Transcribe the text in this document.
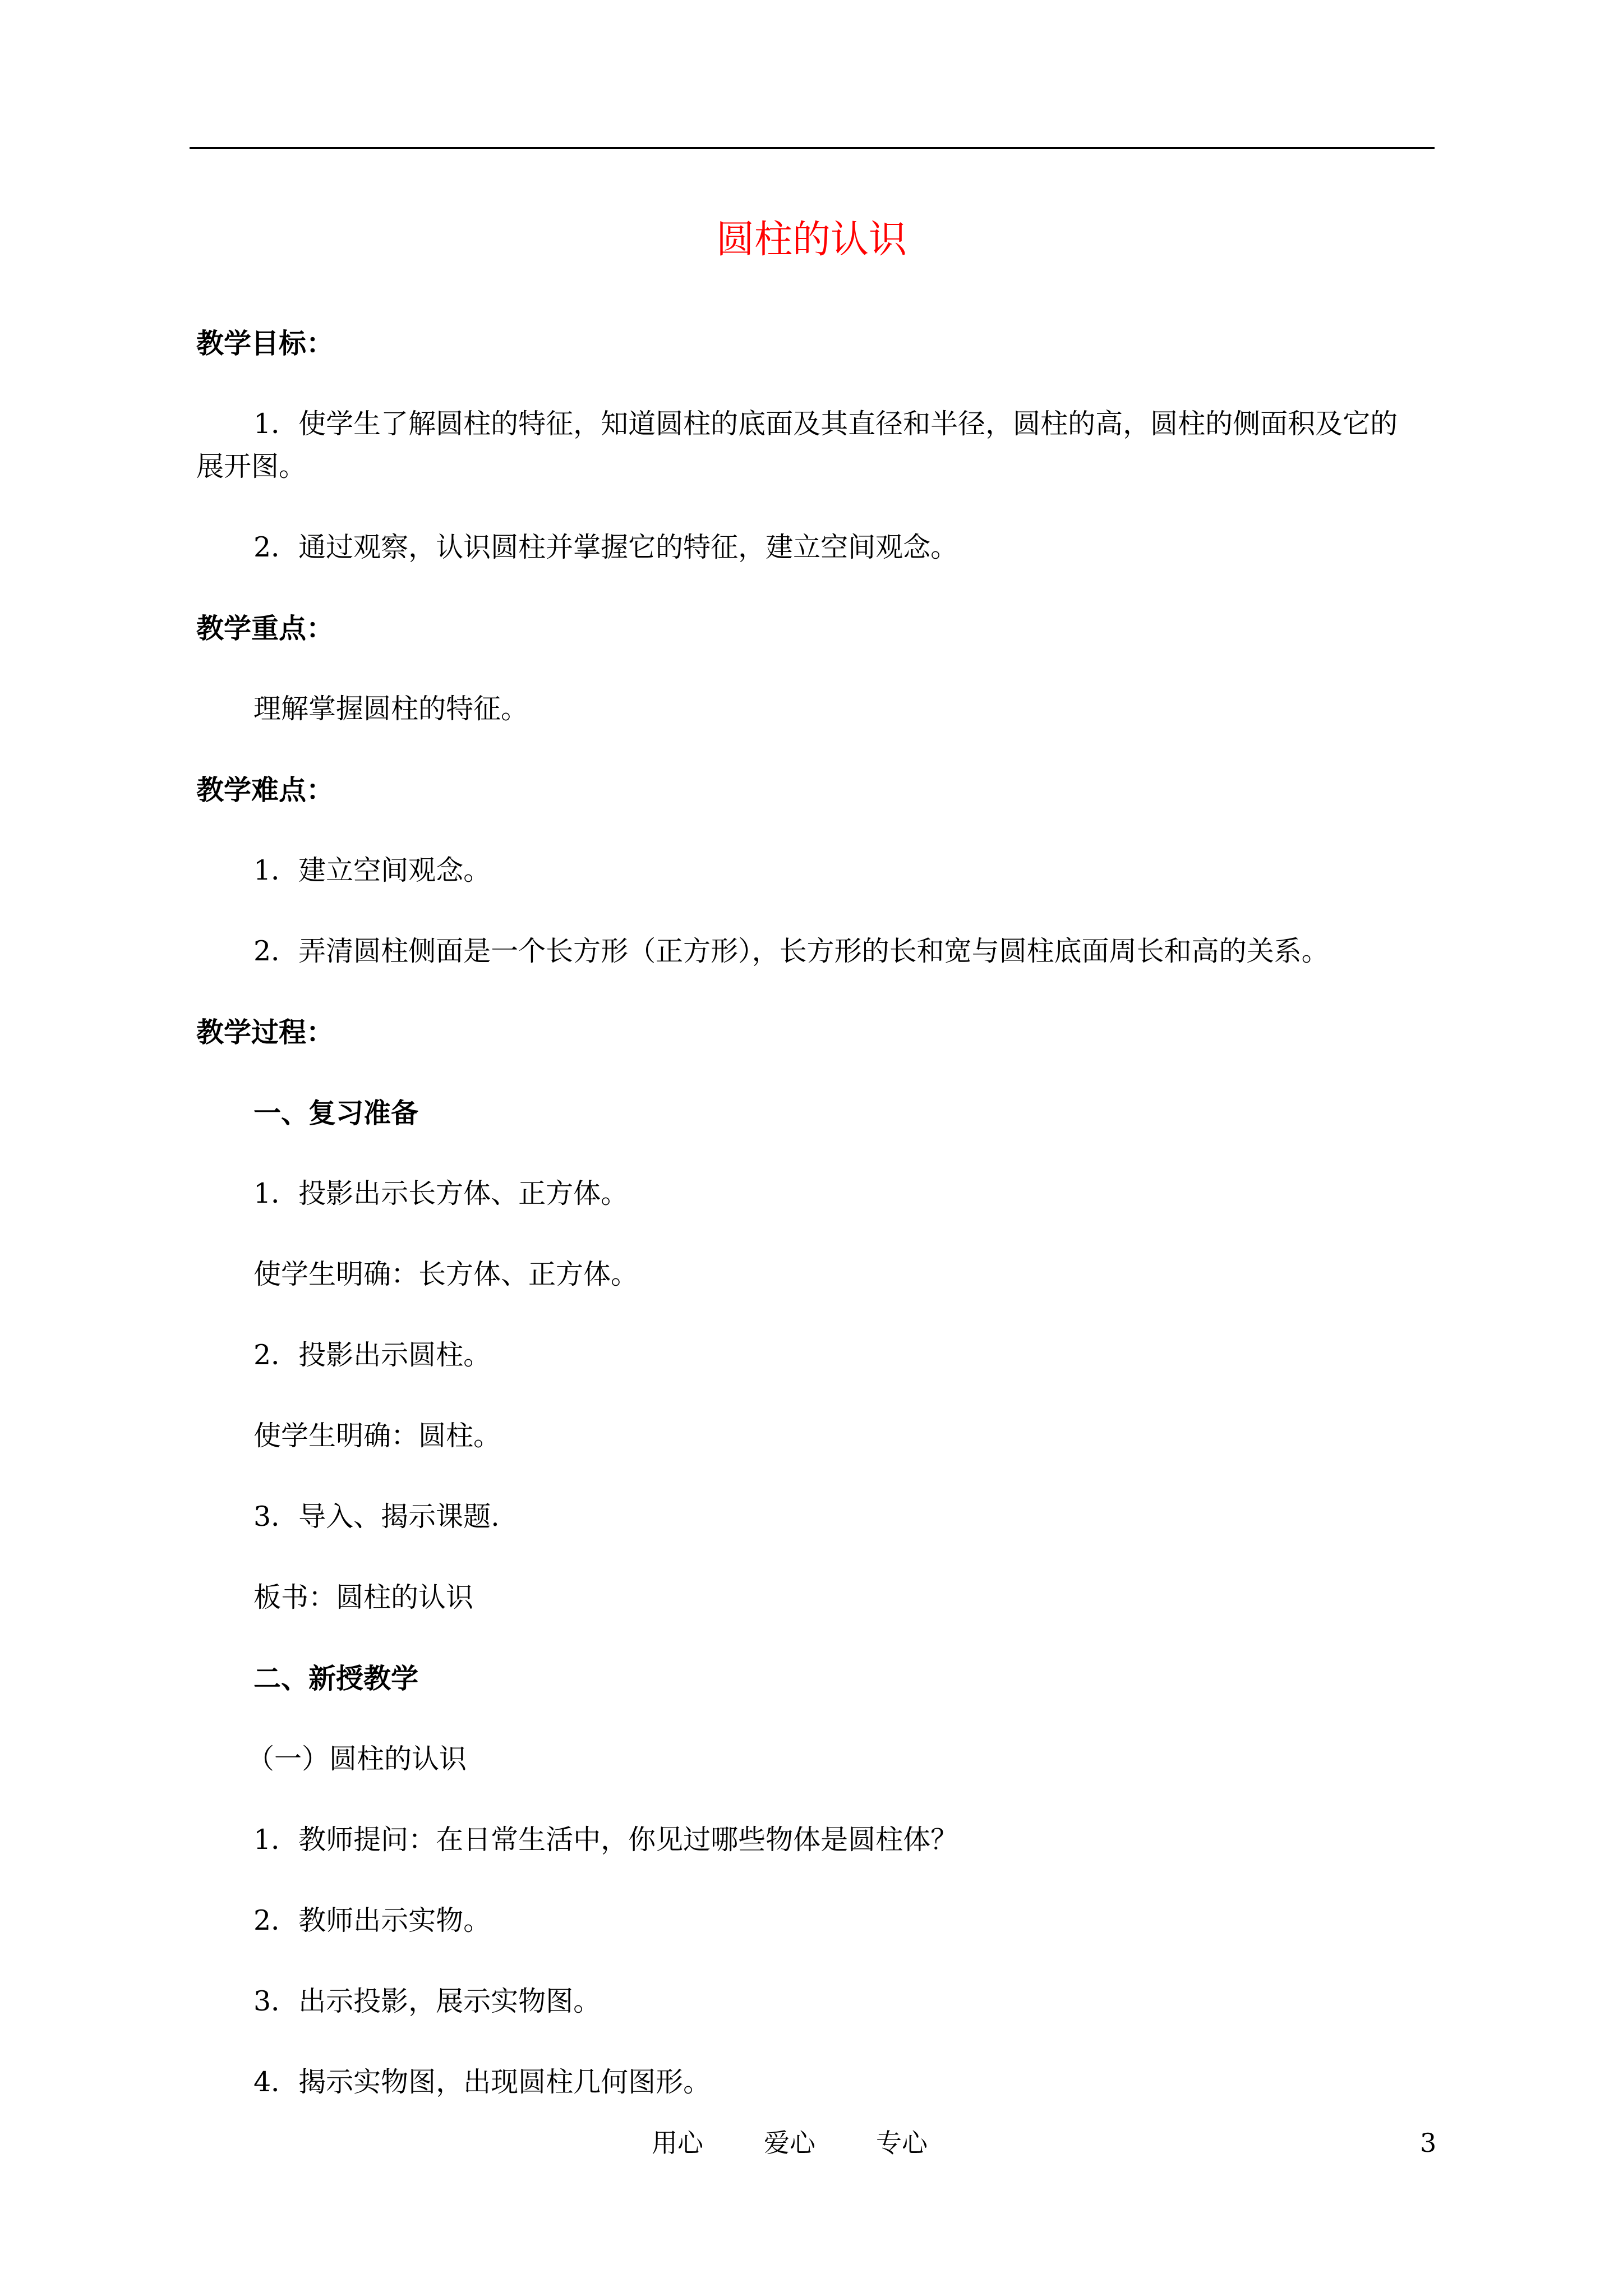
圆柱的认识
教学目标：
1．使学生了解圆柱的特征，知道圆柱的底面及其直径和半径，圆柱的高，圆柱的侧面积及它的
展开图。
2．通过观察，认识圆柱并掌握它的特征，建立空间观念。
教学重点：
理解掌握圆柱的特征。
教学难点：
1．建立空间观念。
2．弄清圆柱侧面是一个长方形（正方形），长方形的长和宽与圆柱底面周长和高的关系。
教学过程：
一、复习准备
1．投影出示长方体、正方体。
使学生明确：长方体、正方体。
2．投影出示圆柱。
使学生明确：圆柱。
3．导入、揭示课题.
板书：圆柱的认识
二、新授教学
（一）圆柱的认识
1．教师提问：在日常生活中，你见过哪些物体是圆柱体？
2．教师出示实物。
3．出示投影，展示实物图。
4．揭示实物图，出现圆柱几何图形。
用心 爱心 专心	3
